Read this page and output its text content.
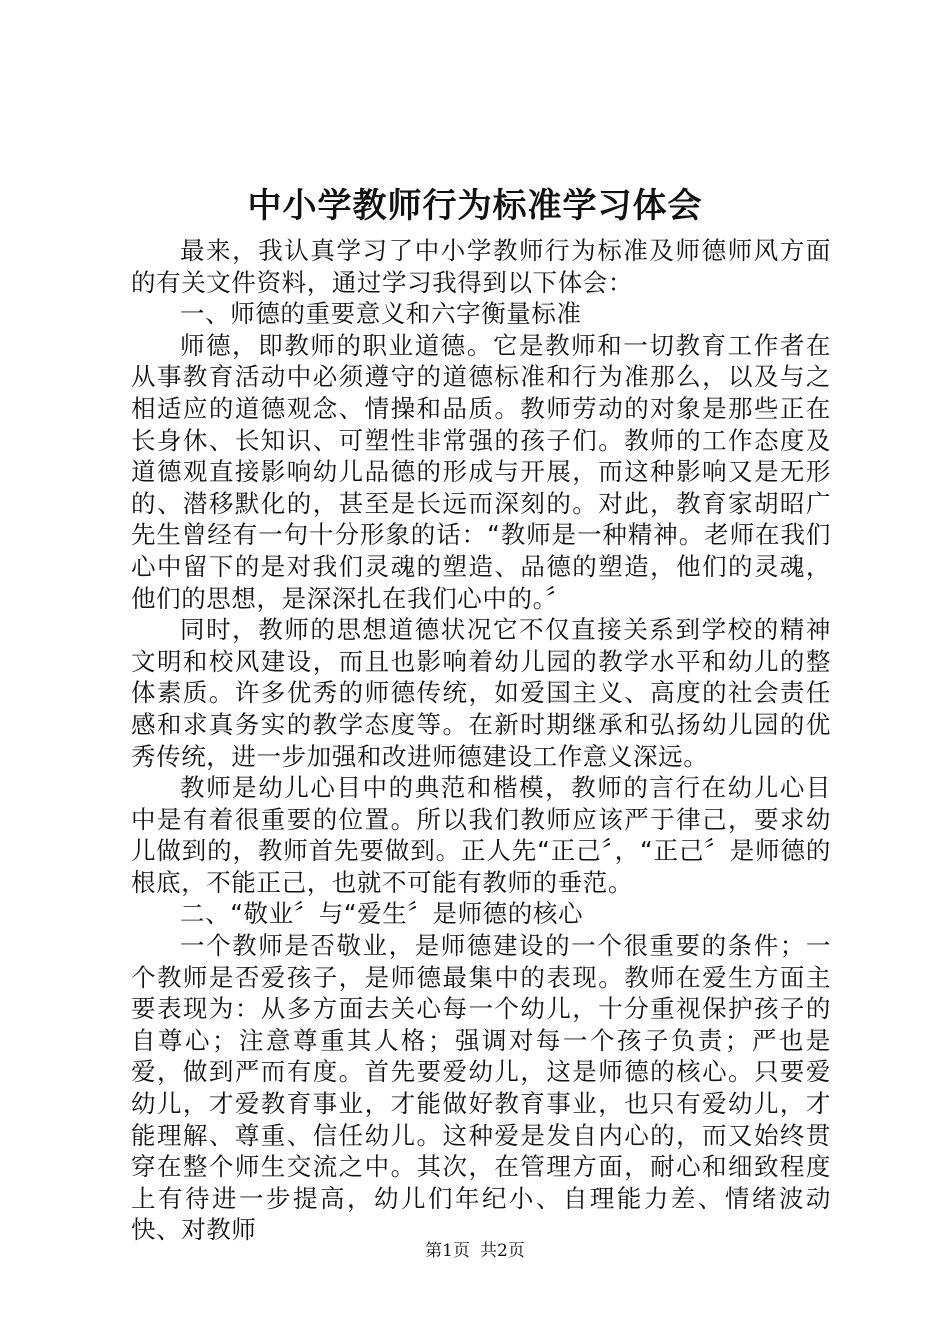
中小学教师行为标准学习体会

最来，我认真学习了中小学教师行为标准及师德师风方面的有关文件资料，通过学习我得到以下体会：

一、师德的重要意义和六字衡量标准

师德，即教师的职业道德。它是教师和一切教育工作者在从事教育活动中必须遵守的道德标准和行为准那么，以及与之相适应的道德观念、情操和品质。教师劳动的对象是那些正在长身休、长知识、可塑性非常强的孩子们。教师的工作态度及道德观直接影响幼儿品德的形成与开展，而这种影响又是无形的、潜移默化的，甚至是长远而深刻的。对此，教育家胡昭广先生曾经有一句十分形象的话：“教师是一种精神。老师在我们心中留下的是对我们灵魂的塑造、品德的塑造，他们的灵魂，他们的思想，是深深扎在我们心中的。〞

同时，教师的思想道德状况它不仅直接关系到学校的精神文明和校风建设，而且也影响着幼儿园的教学水平和幼儿的整体素质。许多优秀的师德传统，如爱国主义、高度的社会责任感和求真务实的教学态度等。在新时期继承和弘扬幼儿园的优秀传统，进一步加强和改进师德建设工作意义深远。

教师是幼儿心目中的典范和楷模，教师的言行在幼儿心目中是有着很重要的位置。所以我们教师应该严于律己，要求幼儿做到的，教师首先要做到。正人先“正己〞，“正己〞是师德的根底，不能正己，也就不可能有教师的垂范。

二、“敬业〞与“爱生〞是师德的核心

一个教师是否敬业，是师德建设的一个很重要的条件；一个教师是否爱孩子，是师德最集中的表现。教师在爱生方面主要表现为：从多方面去关心每一个幼儿，十分重视保护孩子的自尊心；注意尊重其人格；强调对每一个孩子负责；严也是爱，做到严而有度。首先要爱幼儿，这是师德的核心。只要爱幼儿，才爱教育事业，才能做好教育事业，也只有爱幼儿，才能理解、尊重、信任幼儿。这种爱是发自内心的，而又始终贯穿在整个师生交流之中。其次，在管理方面，耐心和细致程度上有待进一步提高，幼儿们年纪小、自理能力差、情绪波动快、对教师

第1页 共2页
